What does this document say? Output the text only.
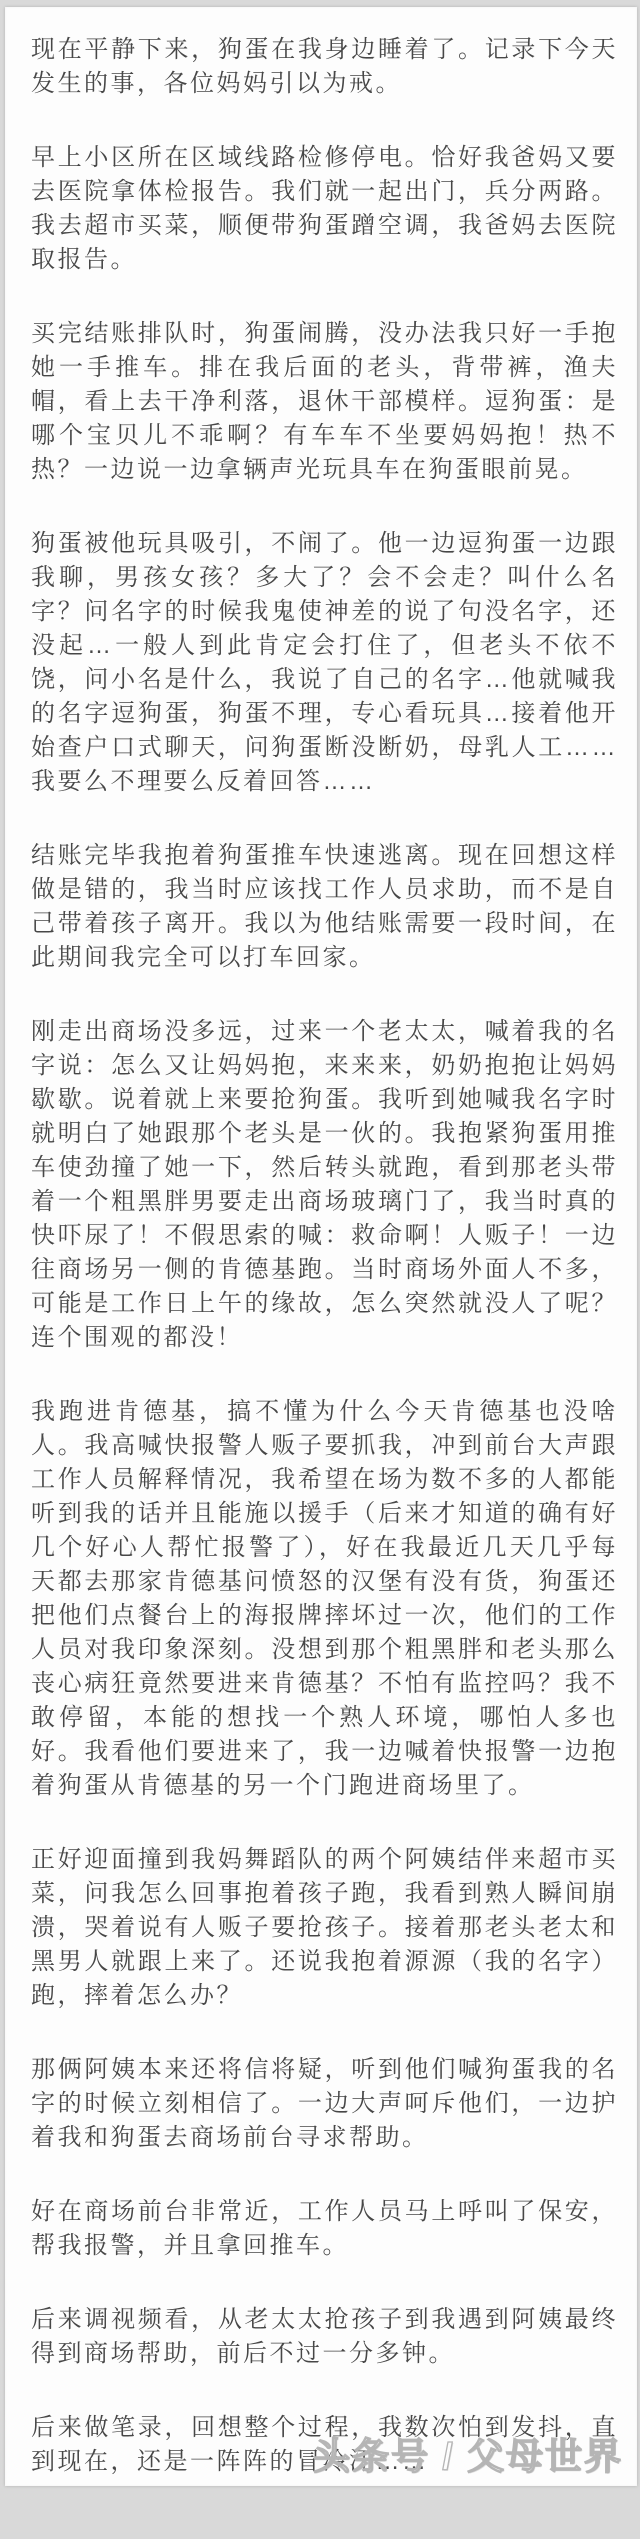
现在平静下来，狗蛋在我身边睡着了。记录下今天发生的事，各位妈妈引以为戒。

早上小区所在区域线路检修停电。恰好我爸妈又要去医院拿体检报告。我们就一起出门，兵分两路。我去超市买菜，顺便带狗蛋蹭空调，我爸妈去医院取报告。

买完结账排队时，狗蛋闹腾，没办法我只好一手抱她一手推车。排在我后面的老头，背带裤，渔夫帽，看上去干净利落，退休干部模样。逗狗蛋：是哪个宝贝儿不乖啊？有车车不坐要妈妈抱！热不热？一边说一边拿辆声光玩具车在狗蛋眼前晃。

狗蛋被他玩具吸引，不闹了。他一边逗狗蛋一边跟我聊，男孩女孩？多大了？会不会走？叫什么名字？问名字的时候我鬼使神差的说了句没名字，还没起…一般人到此肯定会打住了，但老头不依不饶，问小名是什么，我说了自己的名字…他就喊我的名字逗狗蛋，狗蛋不理，专心看玩具…接着他开始查户口式聊天，问狗蛋断没断奶，母乳人工……我要么不理要么反着回答……

结账完毕我抱着狗蛋推车快速逃离。现在回想这样做是错的，我当时应该找工作人员求助，而不是自己带着孩子离开。我以为他结账需要一段时间，在此期间我完全可以打车回家。

刚走出商场没多远，过来一个老太太，喊着我的名字说：怎么又让妈妈抱，来来来，奶奶抱抱让妈妈歇歇。说着就上来要抢狗蛋。我听到她喊我名字时就明白了她跟那个老头是一伙的。我抱紧狗蛋用推车使劲撞了她一下，然后转头就跑，看到那老头带着一个粗黑胖男要走出商场玻璃门了，我当时真的快吓尿了！不假思索的喊：救命啊！人贩子！一边往商场另一侧的肯德基跑。当时商场外面人不多，可能是工作日上午的缘故，怎么突然就没人了呢？连个围观的都没！

我跑进肯德基，搞不懂为什么今天肯德基也没啥人。我高喊快报警人贩子要抓我，冲到前台大声跟工作人员解释情况，我希望在场为数不多的人都能听到我的话并且能施以援手（后来才知道的确有好几个好心人帮忙报警了），好在我最近几天几乎每天都去那家肯德基问愤怒的汉堡有没有货，狗蛋还把他们点餐台上的海报牌摔坏过一次，他们的工作人员对我印象深刻。没想到那个粗黑胖和老头那么丧心病狂竟然要进来肯德基？不怕有监控吗？我不敢停留，本能的想找一个熟人环境，哪怕人多也好。我看他们要进来了，我一边喊着快报警一边抱着狗蛋从肯德基的另一个门跑进商场里了。

正好迎面撞到我妈舞蹈队的两个阿姨结伴来超市买菜，问我怎么回事抱着孩子跑，我看到熟人瞬间崩溃，哭着说有人贩子要抢孩子。接着那老头老太和黑男人就跟上来了。还说我抱着源源（我的名字）跑，摔着怎么办？

那俩阿姨本来还将信将疑，听到他们喊狗蛋我的名字的时候立刻相信了。一边大声呵斥他们，一边护着我和狗蛋去商场前台寻求帮助。

好在商场前台非常近，工作人员马上呼叫了保安，帮我报警，并且拿回推车。

后来调视频看，从老太太抢孩子到我遇到阿姨最终得到商场帮助，前后不过一分多钟。

后来做笔录，回想整个过程，我数次怕到发抖，直到现在，还是一阵阵的冒冷汗……

头条号 / 父母世界
